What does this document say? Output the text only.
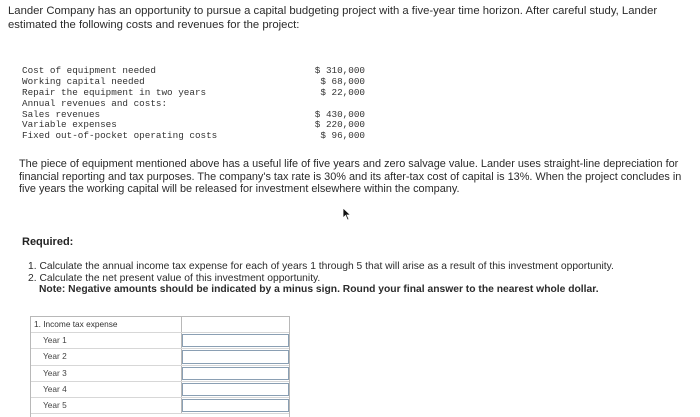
Lander Company has an opportunity to pursue a capital budgeting project with a five-year time horizon. After careful study, Lander estimated the following costs and revenues for the project:
Cost of equipment needed	$ 310,000
Working capital needed	$ 68,000
Repair the equipment in two years	$ 22,000
Annual revenues and costs:
Sales revenues	$ 430,000
Variable expenses	$ 220,000
Fixed out-of-pocket operating costs	$ 96,000
The piece of equipment mentioned above has a useful life of five years and zero salvage value. Lander uses straight-line depreciation for financial reporting and tax purposes. The company's tax rate is 30% and its after-tax cost of capital is 13%. When the project concludes in five years the working capital will be released for investment elsewhere within the company.
Required:
1. Calculate the annual income tax expense for each of years 1 through 5 that will arise as a result of this investment opportunity.
2. Calculate the net present value of this investment opportunity.
Note: Negative amounts should be indicated by a minus sign. Round your final answer to the nearest whole dollar.
1. Income tax expense
Year 1
Year 2
Year 3
Year 4
Year 5
